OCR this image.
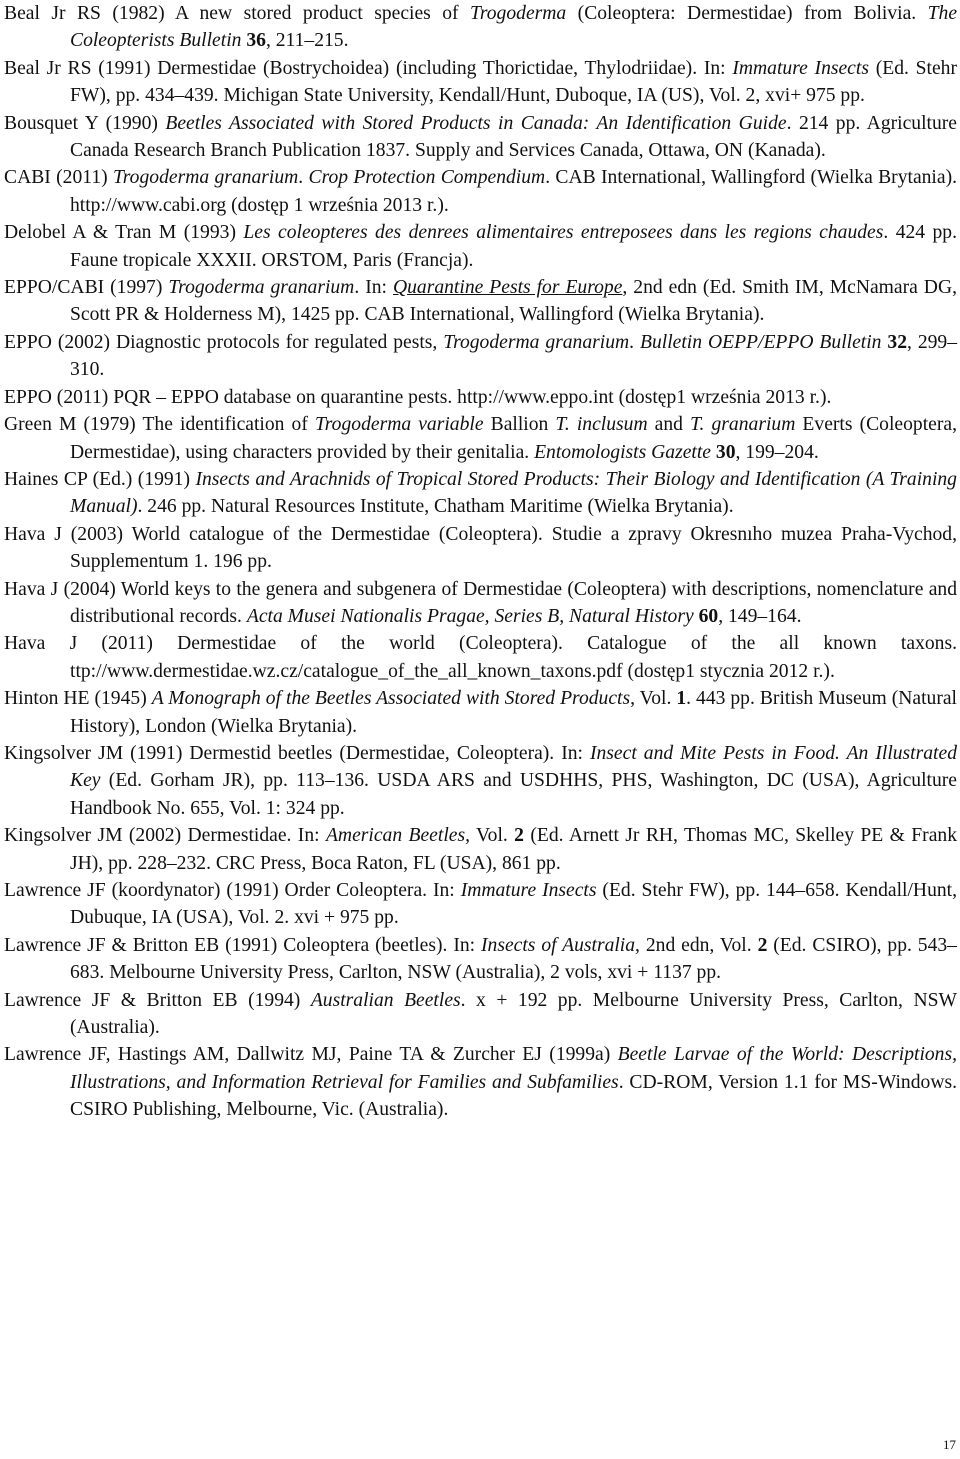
Beal Jr RS (1982) A new stored product species of Trogoderma (Coleoptera: Dermestidae) from Bolivia. The Coleopterists Bulletin 36, 211–215.

Beal Jr RS (1991) Dermestidae (Bostrychoidea) (including Thorictidae, Thylodriidae). In: Immature Insects (Ed. Stehr FW), pp. 434–439. Michigan State University, Kendall/Hunt, Duboque, IA (US), Vol. 2, xvi+ 975 pp.

Bousquet Y (1990) Beetles Associated with Stored Products in Canada: An Identification Guide. 214 pp. Agriculture Canada Research Branch Publication 1837. Supply and Services Canada, Ottawa, ON (Kanada).

CABI (2011) Trogoderma granarium. Crop Protection Compendium. CAB International, Wallingford (Wielka Brytania). http://www.cabi.org (dostęp 1 września 2013 r.).

Delobel A & Tran M (1993) Les coleopteres des denrees alimentaires entreposees dans les regions chaudes. 424 pp. Faune tropicale XXXII. ORSTOM, Paris (Francja).

EPPO/CABI (1997) Trogoderma granarium. In: Quarantine Pests for Europe, 2nd edn (Ed. Smith IM, McNamara DG, Scott PR & Holderness M), 1425 pp. CAB International, Wallingford (Wielka Brytania).

EPPO (2002) Diagnostic protocols for regulated pests, Trogoderma granarium. Bulletin OEPP/EPPO Bulletin 32, 299–310.

EPPO (2011) PQR – EPPO database on quarantine pests. http://www.eppo.int (dostęp1 września 2013 r.).

Green M (1979) The identification of Trogoderma variable Ballion T. inclusum and T. granarium Everts (Coleoptera, Dermestidae), using characters provided by their genitalia. Entomologists Gazette 30, 199–204.

Haines CP (Ed.) (1991) Insects and Arachnids of Tropical Stored Products: Their Biology and Identification (A Training Manual). 246 pp. Natural Resources Institute, Chatham Maritime (Wielka Brytania).

Hava J (2003) World catalogue of the Dermestidae (Coleoptera). Studie a zpravy Okresnıho muzea Praha-Vychod, Supplementum 1. 196 pp.

Hava J (2004) World keys to the genera and subgenera of Dermestidae (Coleoptera) with descriptions, nomenclature and distributional records. Acta Musei Nationalis Pragae, Series B, Natural History 60, 149–164.

Hava J (2011) Dermestidae of the world (Coleoptera). Catalogue of the all known taxons. ttp://www.dermestidae.wz.cz/catalogue_of_the_all_known_taxons.pdf (dostęp1 stycznia 2012 r.).

Hinton HE (1945) A Monograph of the Beetles Associated with Stored Products, Vol. 1. 443 pp. British Museum (Natural History), London (Wielka Brytania).

Kingsolver JM (1991) Dermestid beetles (Dermestidae, Coleoptera). In: Insect and Mite Pests in Food. An Illustrated Key (Ed. Gorham JR), pp. 113–136. USDA ARS and USDHHS, PHS, Washington, DC (USA), Agriculture Handbook No. 655, Vol. 1: 324 pp.

Kingsolver JM (2002) Dermestidae. In: American Beetles, Vol. 2 (Ed. Arnett Jr RH, Thomas MC, Skelley PE & Frank JH), pp. 228–232. CRC Press, Boca Raton, FL (USA), 861 pp.

Lawrence JF (koordynator) (1991) Order Coleoptera. In: Immature Insects (Ed. Stehr FW), pp. 144–658. Kendall/Hunt, Dubuque, IA (USA), Vol. 2. xvi + 975 pp.

Lawrence JF & Britton EB (1991) Coleoptera (beetles). In: Insects of Australia, 2nd edn, Vol. 2 (Ed. CSIRO), pp. 543–683. Melbourne University Press, Carlton, NSW (Australia), 2 vols, xvi + 1137 pp.

Lawrence JF & Britton EB (1994) Australian Beetles. x + 192 pp. Melbourne University Press, Carlton, NSW (Australia).

Lawrence JF, Hastings AM, Dallwitz MJ, Paine TA & Zurcher EJ (1999a) Beetle Larvae of the World: Descriptions, Illustrations, and Information Retrieval for Families and Subfamilies. CD-ROM, Version 1.1 for MS-Windows. CSIRO Publishing, Melbourne, Vic. (Australia).

17
